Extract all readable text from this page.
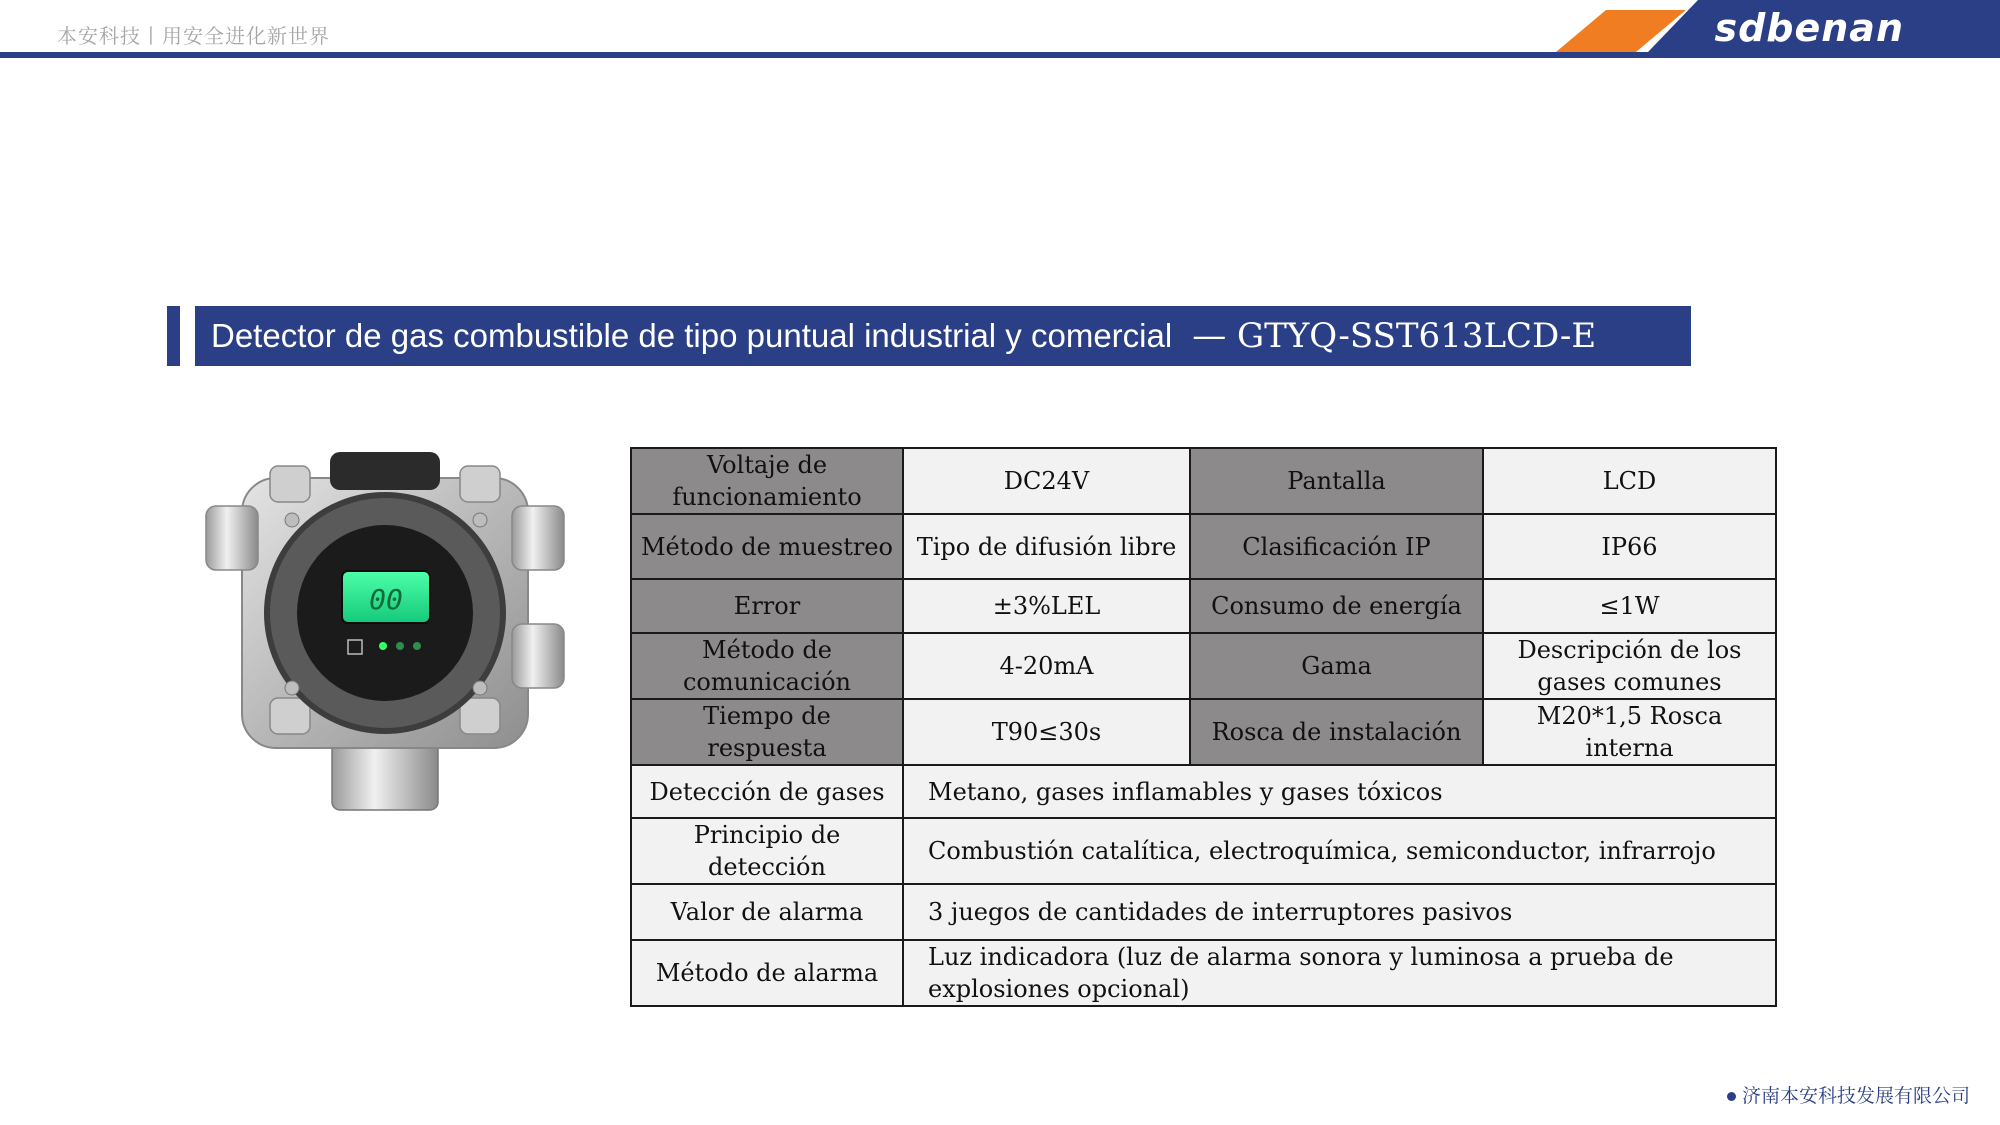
本安科技丨用安全进化新世界	sdbenan
Detector de gas combustible de tipo puntual industrial y comercial — GTYQ-SST613LCD-E
00
Voltaje de funcionamiento	DC24V	Pantalla	LCD
Método de muestreo	Tipo de difusión libre	Clasificación IP	IP66
Error	±3%LEL	Consumo de energía	≤1W
Método de comunicación	4-20mA	Gama	Descripción de los gases comunes
Tiempo de respuesta	T90≤30s	Rosca de instalación	M20*1,5 Rosca interna
Detección de gases	Metano, gases inflamables y gases tóxicos		
Principio de detección	Combustión catalítica, electroquímica, semiconductor, infrarrojo		
Valor de alarma	3 juegos de cantidades de interruptores pasivos		
Método de alarma	Luz indicadora (luz de alarma sonora y luminosa a prueba de explosiones opcional)		
济南本安科技发展有限公司
